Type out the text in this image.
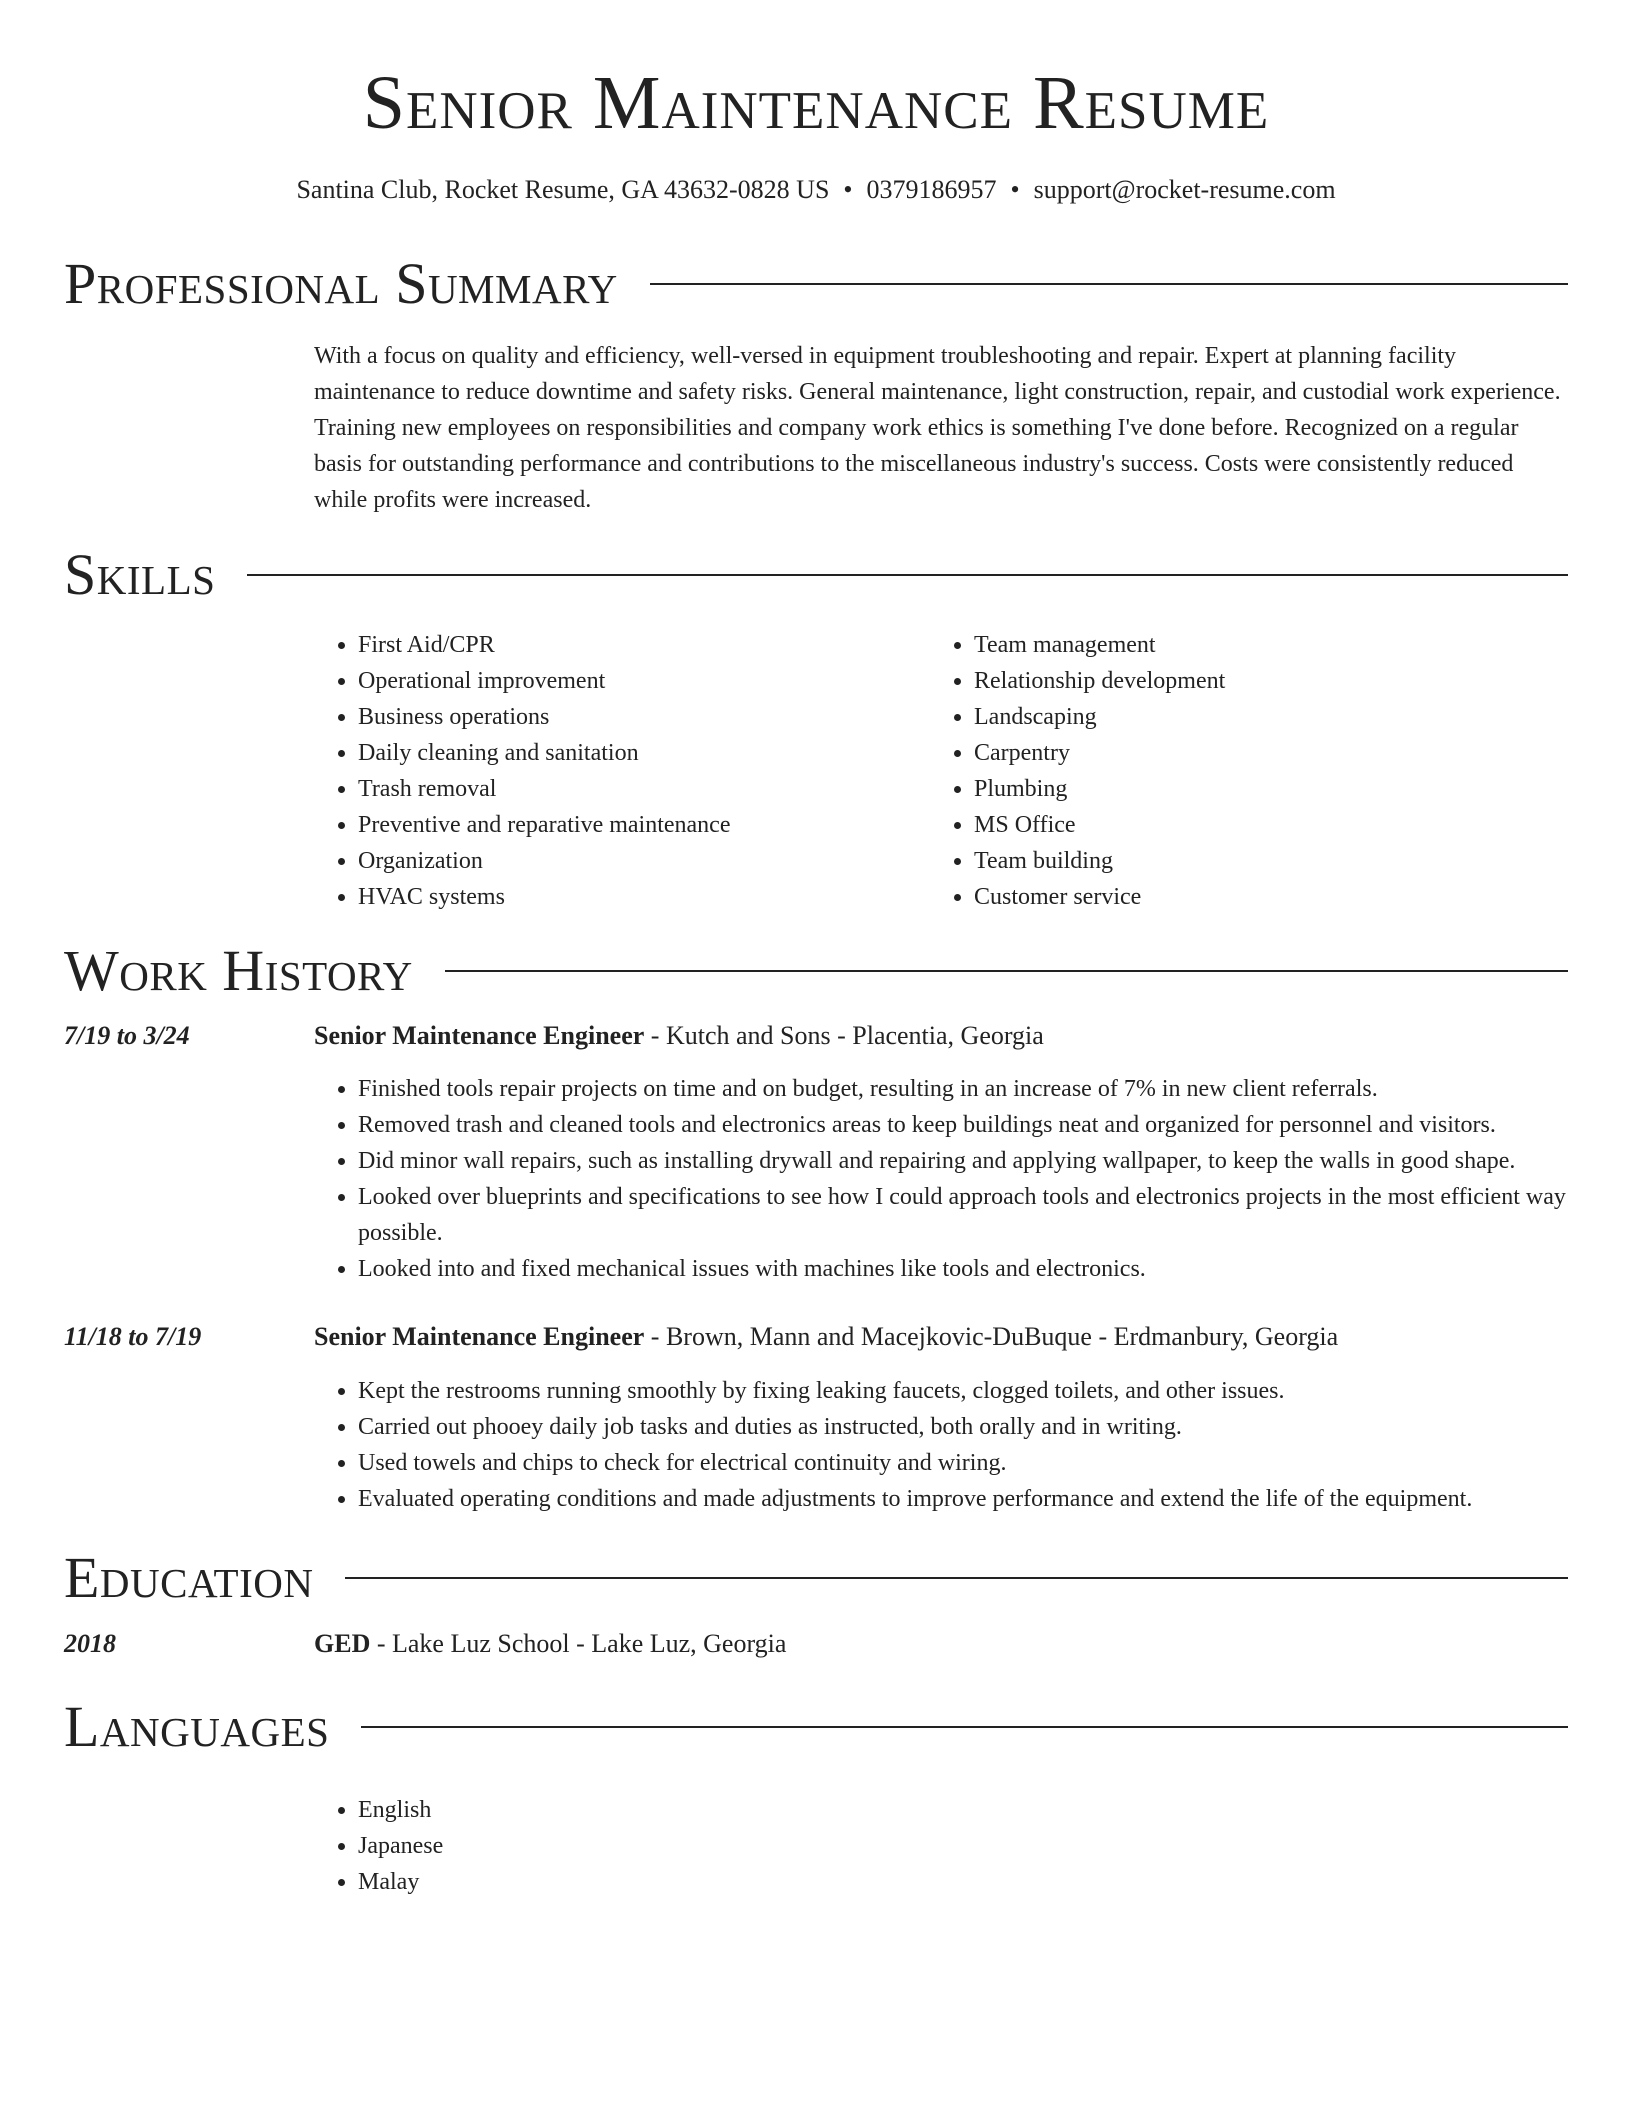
Senior Maintenance Resume
Santina Club, Rocket Resume, GA 43632-0828 US • 0379186957 • support@rocket-resume.com
Professional Summary

With a focus on quality and efficiency, well-versed in equipment troubleshooting and repair. Expert at planning facility maintenance to reduce downtime and safety risks. General maintenance, light construction, repair, and custodial work experience. Training new employees on responsibilities and company work ethics is something I've done before. Recognized on a regular basis for outstanding performance and contributions to the miscellaneous industry's success. Costs were consistently reduced while profits were increased.

Skills
• First Aid/CPR
• Operational improvement
• Business operations
• Daily cleaning and sanitation
• Trash removal
• Preventive and reparative maintenance
• Organization
• HVAC systems
• Team management
• Relationship development
• Landscaping
• Carpentry
• Plumbing
• MS Office
• Team building
• Customer service
Work History
7/19 to 3/24	Senior Maintenance Engineer - Kutch and Sons - Placentia, Georgia
• Finished tools repair projects on time and on budget, resulting in an increase of 7% in new client referrals.
• Removed trash and cleaned tools and electronics areas to keep buildings neat and organized for personnel and visitors.
• Did minor wall repairs, such as installing drywall and repairing and applying wallpaper, to keep the walls in good shape.
• Looked over blueprints and specifications to see how I could approach tools and electronics projects in the most efficient way possible.
• Looked into and fixed mechanical issues with machines like tools and electronics.
11/18 to 7/19	Senior Maintenance Engineer - Brown, Mann and Macejkovic-DuBuque - Erdmanbury, Georgia
• Kept the restrooms running smoothly by fixing leaking faucets, clogged toilets, and other issues.
• Carried out phooey daily job tasks and duties as instructed, both orally and in writing.
• Used towels and chips to check for electrical continuity and wiring.
• Evaluated operating conditions and made adjustments to improve performance and extend the life of the equipment.
Education
2018	GED - Lake Luz School - Lake Luz, Georgia
Languages
• English
• Japanese
• Malay
